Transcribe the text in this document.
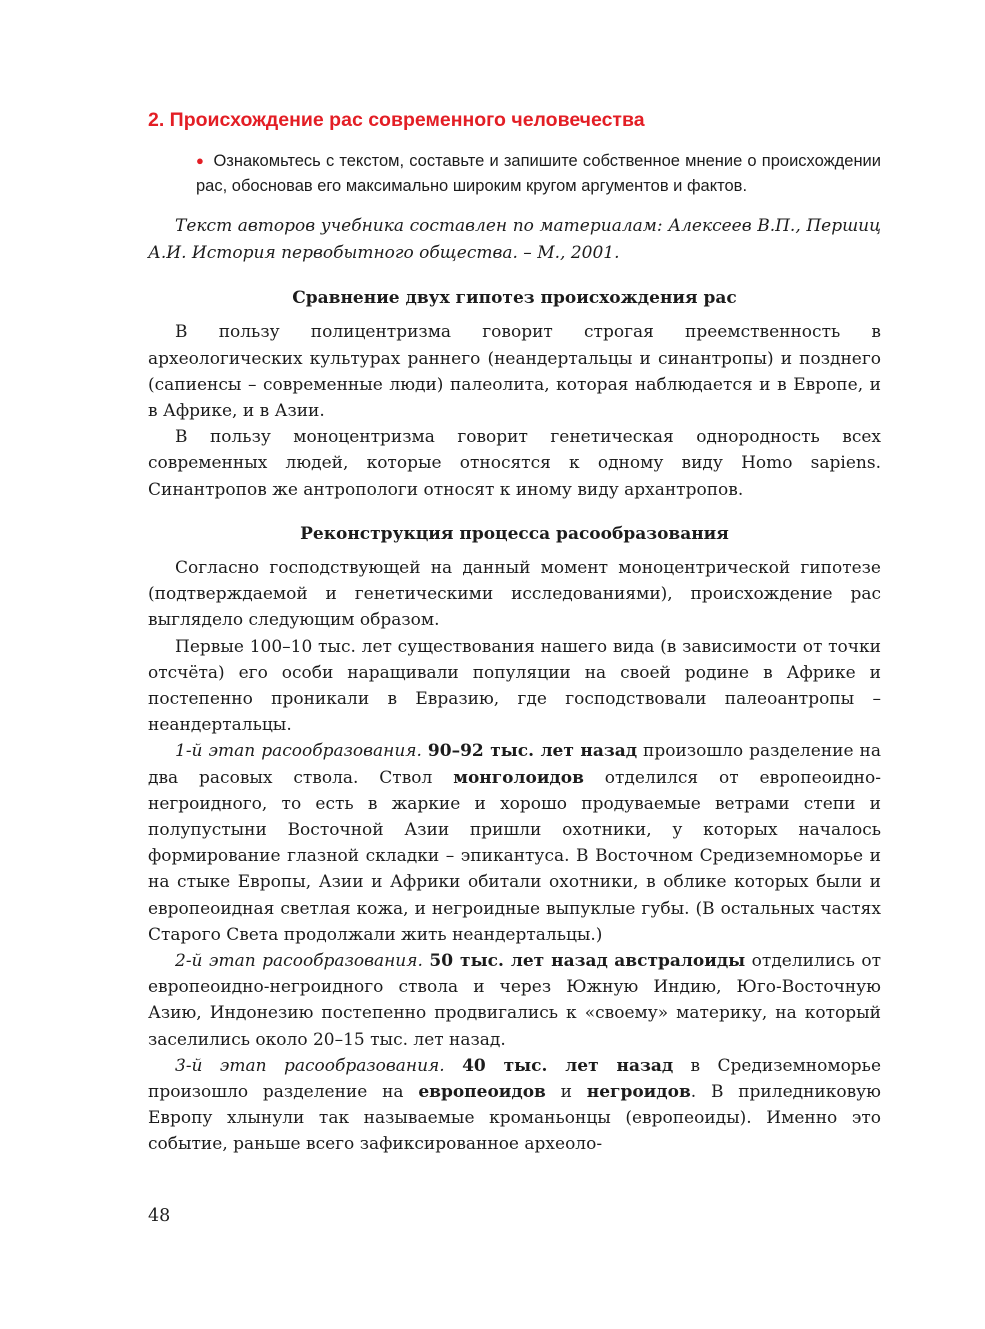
2. Происхождение рас современного человечества

● Ознакомьтесь с текстом, составьте и запишите собственное мнение о происхождении рас, обосновав его максимально широким кругом аргументов и фактов.

Текст авторов учебника составлен по материалам: Алексеев В.П., Першиц А.И. История первобытного общества. – М., 2001.

Сравнение двух гипотез происхождения рас

В пользу полицентризма говорит строгая преемственность в археологических культурах раннего (неандертальцы и синантропы) и позднего (сапиенсы – современные люди) палеолита, которая наблюдается и в Европе, и в Африке, и в Азии.

В пользу моноцентризма говорит генетическая однородность всех современных людей, которые относятся к одному виду Homo sapiens. Синантропов же антропологи относят к иному виду архантропов.

Реконструкция процесса расообразования

Согласно господствующей на данный момент моноцентрической гипотезе (подтверждаемой и генетическими исследованиями), происхождение рас выглядело следующим образом.

Первые 100–10 тыс. лет существования нашего вида (в зависимости от точки отсчёта) его особи наращивали популяции на своей родине в Африке и постепенно проникали в Евразию, где господствовали палеоантропы – неандертальцы.

1-й этап расообразования. 90–92 тыс. лет назад произошло разделение на два расовых ствола. Ствол монголоидов отделился от европеоидно-негроидного, то есть в жаркие и хорошо продуваемые ветрами степи и полупустыни Восточной Азии пришли охотники, у которых началось формирование глазной складки – эпикантуса. В Восточном Средиземноморье и на стыке Европы, Азии и Африки обитали охотники, в облике которых были и европеоидная светлая кожа, и негроидные выпуклые губы. (В остальных частях Старого Света продолжали жить неандертальцы.)

2-й этап расообразования. 50 тыс. лет назад австралоиды отделились от европеоидно-негроидного ствола и через Южную Индию, Юго-Восточную Азию, Индонезию постепенно продвигались к «своему» материку, на который заселились около 20–15 тыс. лет назад.

3-й этап расообразования. 40 тыс. лет назад в Средиземноморье произошло разделение на европеоидов и негроидов. В приледниковую Европу хлынули так называемые кроманьонцы (европеоиды). Именно это событие, раньше всего зафиксированное археоло-

48
